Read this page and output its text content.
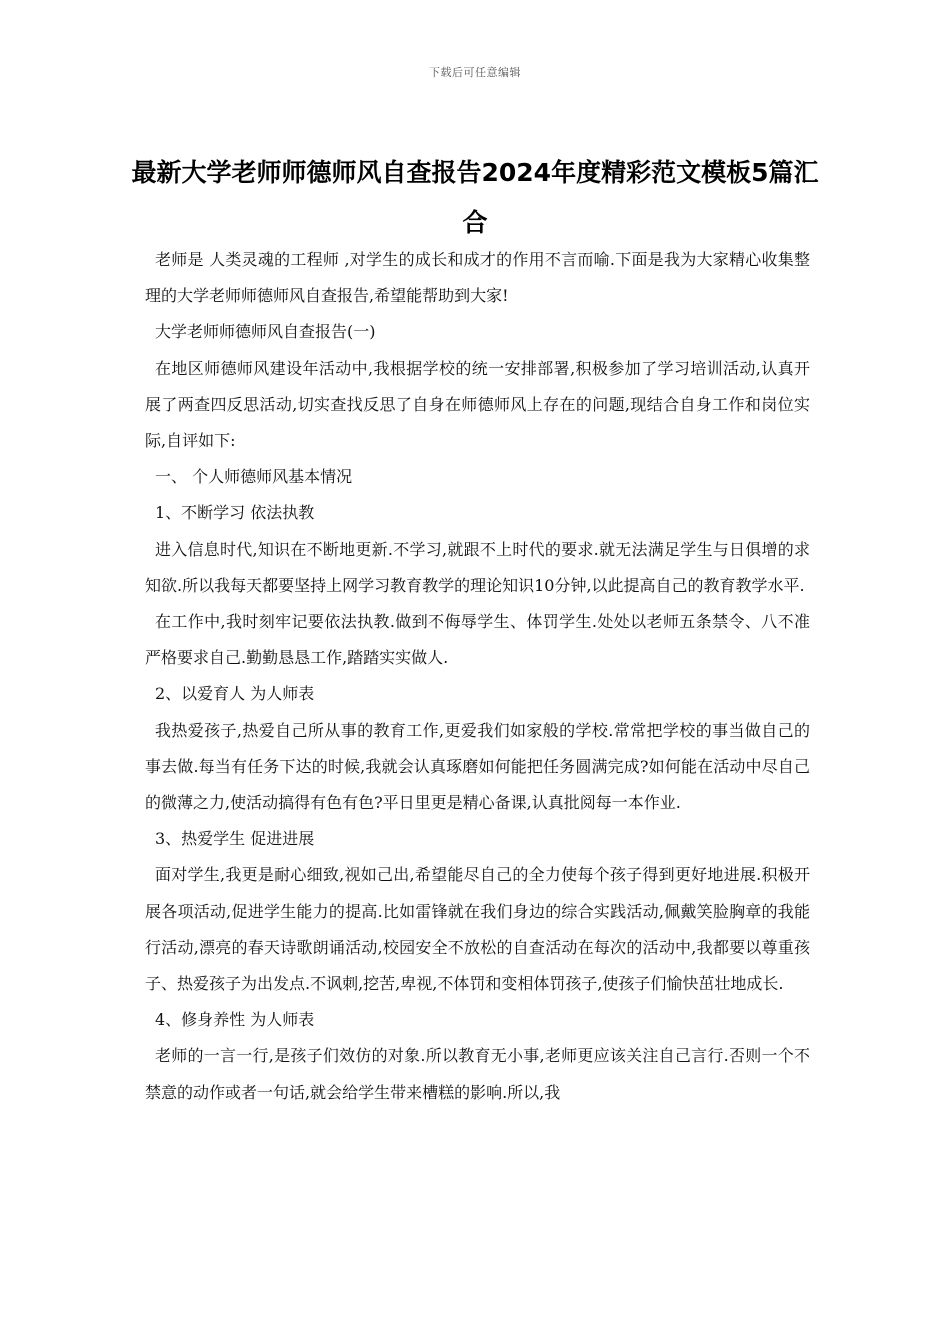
下载后可任意编辑
最新大学老师师德师风自查报告2024年度精彩范文模板5篇汇合

老师是 人类灵魂的工程师 ,对学生的成长和成才的作用不言而喻.下面是我为大家精心收集整理的大学老师师德师风自查报告,希望能帮助到大家!

大学老师师德师风自查报告(一)

在地区师德师风建设年活动中,我根据学校的统一安排部署,积极参加了学习培训活动,认真开展了两查四反思活动,切实查找反思了自身在师德师风上存在的问题,现结合自身工作和岗位实际,自评如下:

一、 个人师德师风基本情况

1、不断学习 依法执教

进入信息时代,知识在不断地更新.不学习,就跟不上时代的要求.就无法满足学生与日俱增的求知欲.所以我每天都要坚持上网学习教育教学的理论知识10分钟,以此提高自己的教育教学水平.

在工作中,我时刻牢记要依法执教.做到不侮辱学生、体罚学生.处处以老师五条禁令、八不准严格要求自己.勤勤恳恳工作,踏踏实实做人.

2、以爱育人 为人师表

我热爱孩子,热爱自己所从事的教育工作,更爱我们如家般的学校.常常把学校的事当做自己的事去做.每当有任务下达的时候,我就会认真琢磨如何能把任务圆满完成?如何能在活动中尽自己的微薄之力,使活动搞得有色有色?平日里更是精心备课,认真批阅每一本作业.

3、热爱学生 促进进展

面对学生,我更是耐心细致,视如己出,希望能尽自己的全力使每个孩子得到更好地进展.积极开展各项活动,促进学生能力的提高.比如雷锋就在我们身边的综合实践活动,佩戴笑脸胸章的我能行活动,漂亮的春天诗歌朗诵活动,校园安全不放松的自查活动在每次的活动中,我都要以尊重孩子、热爱孩子为出发点.不讽刺,挖苦,卑视,不体罚和变相体罚孩子,使孩子们愉快茁壮地成长.

4、修身养性 为人师表

老师的一言一行,是孩子们效仿的对象.所以教育无小事,老师更应该关注自己言行.否则一个不禁意的动作或者一句话,就会给学生带来槽糕的影响.所以,我
